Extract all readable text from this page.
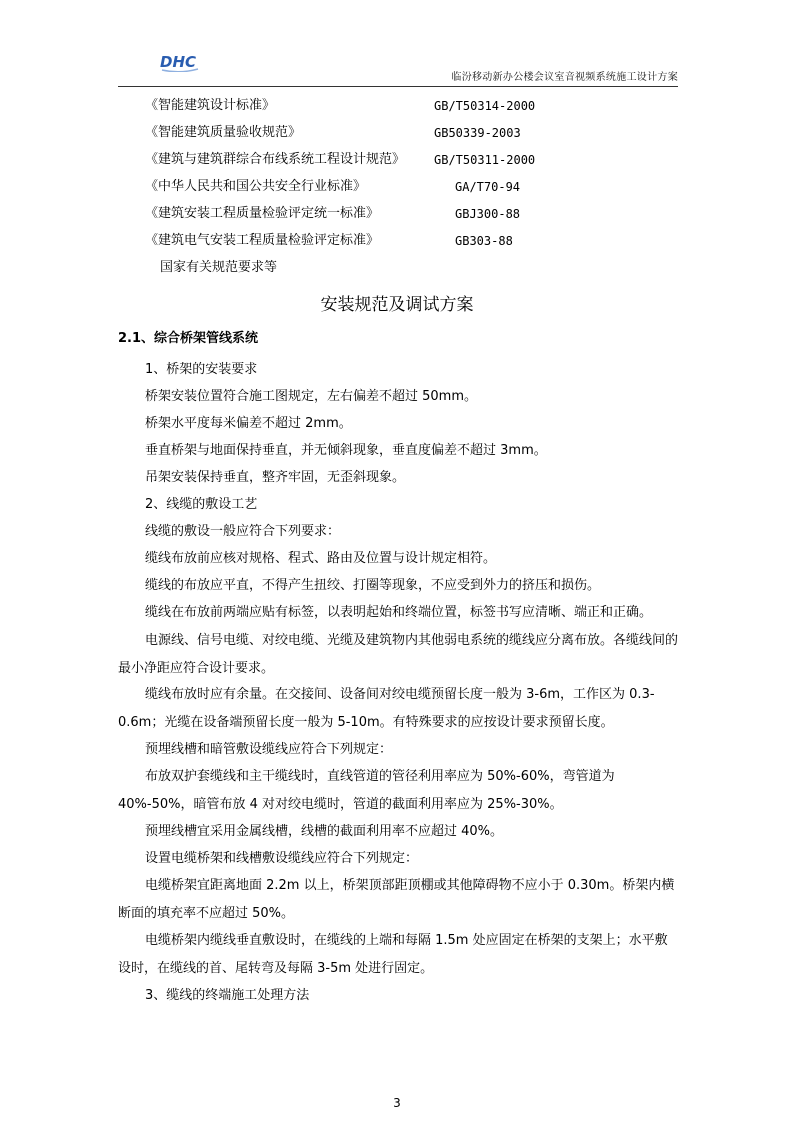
DHC
临汾移动新办公楼会议室音视频系统施工设计方案
《智能建筑设计标准》	GB/T50314-2000
《智能建筑质量验收规范》	GB50339-2003
《建筑与建筑群综合布线系统工程设计规范》 GB/T50311-2000
《中华人民共和国公共安全行业标准》	GA/T70-94
《建筑安装工程质量检验评定统一标准》	GBJ300-88
《建筑电气安装工程质量检验评定标准》	GB303-88
国家有关规范要求等
安装规范及调试方案
2.1、综合桥架管线系统
1、桥架的安装要求
桥架安装位置符合施工图规定，左右偏差不超过 50mm。
桥架水平度每米偏差不超过 2mm。
垂直桥架与地面保持垂直，并无倾斜现象，垂直度偏差不超过 3mm。
吊架安装保持垂直，整齐牢固，无歪斜现象。
2、线缆的敷设工艺
线缆的敷设一般应符合下列要求：
缆线布放前应核对规格、程式、路由及位置与设计规定相符。
缆线的布放应平直，不得产生扭绞、打圈等现象，不应受到外力的挤压和损伤。
缆线在布放前两端应贴有标签，以表明起始和终端位置，标签书写应清晰、端正和正确。
电源线、信号电缆、对绞电缆、光缆及建筑物内其他弱电系统的缆线应分离布放。各缆线间的最小净距应符合设计要求。
缆线布放时应有余量。在交接间、设备间对绞电缆预留长度一般为 3-6m，工作区为 0.3-0.6m；光缆在设备端预留长度一般为 5-10m。有特殊要求的应按设计要求预留长度。
预埋线槽和暗管敷设缆线应符合下列规定：
布放双护套缆线和主干缆线时，直线管道的管径利用率应为 50%-60%，弯管道为 40%-50%，暗管布放 4 对对绞电缆时，管道的截面利用率应为 25%-30%。
预埋线槽宜采用金属线槽，线槽的截面利用率不应超过 40%。
设置电缆桥架和线槽敷设缆线应符合下列规定：
电缆桥架宜距离地面 2.2m 以上，桥架顶部距顶棚或其他障碍物不应小于 0.30m。桥架内横断面的填充率不应超过 50%。
电缆桥架内缆线垂直敷设时，在缆线的上端和每隔 1.5m 处应固定在桥架的支架上；水平敷设时，在缆线的首、尾转弯及每隔 3-5m 处进行固定。
3、缆线的终端施工处理方法
3
